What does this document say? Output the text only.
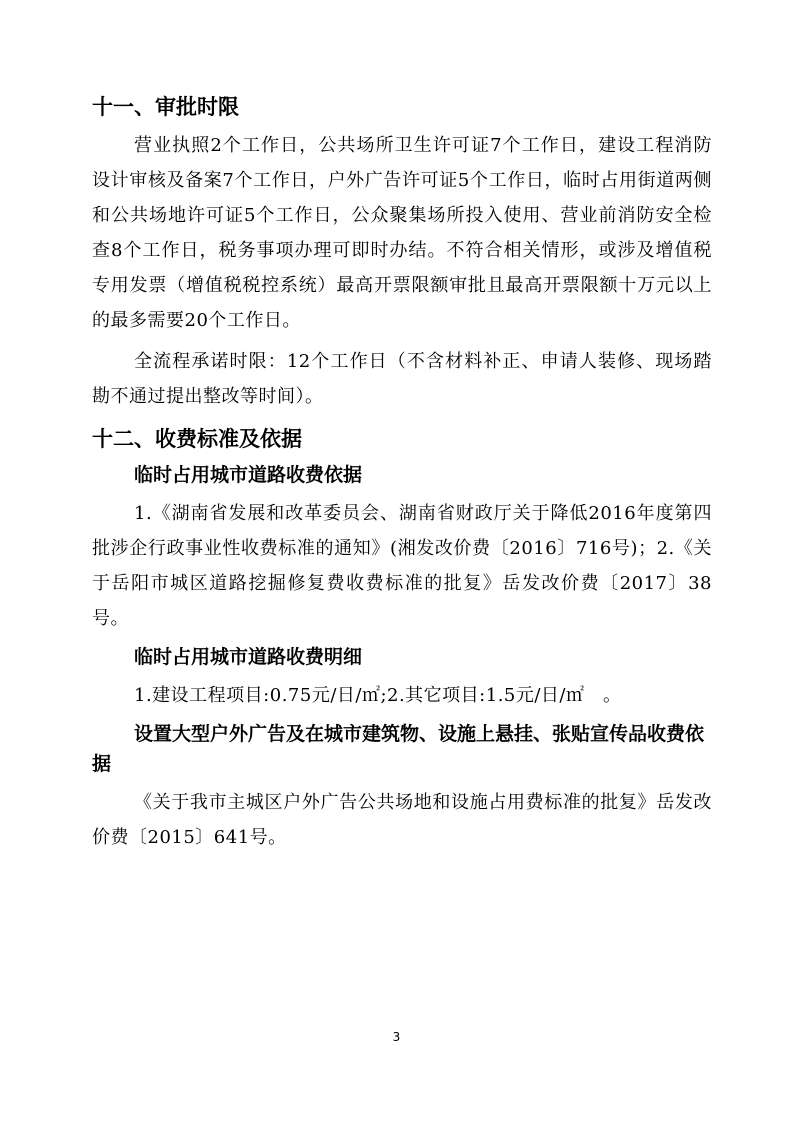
十一、审批时限

营业执照2个工作日，公共场所卫生许可证7个工作日，建设工程消防设计审核及备案7个工作日，户外广告许可证5个工作日，临时占用街道两侧和公共场地许可证5个工作日，公众聚集场所投入使用、营业前消防安全检查8个工作日，税务事项办理可即时办结。不符合相关情形，或涉及增值税专用发票（增值税税控系统）最高开票限额审批且最高开票限额十万元以上的最多需要20个工作日。

全流程承诺时限：12个工作日（不含材料补正、申请人装修、现场踏勘不通过提出整改等时间）。

十二、收费标准及依据
临时占用城市道路收费依据

1.《湖南省发展和改革委员会、湖南省财政厅关于降低2016年度第四批涉企行政事业性收费标准的通知》(湘发改价费〔2016〕716号)；2.《关于岳阳市城区道路挖掘修复费收费标准的批复》岳发改价费〔2017〕38号。

临时占用城市道路收费明细

1.建设工程项目:0.75元/日/㎡;2.其它项目:1.5元/日/㎡　。

设置大型户外广告及在城市建筑物、设施上悬挂、张贴宣传品收费依据

《关于我市主城区户外广告公共场地和设施占用费标准的批复》岳发改价费〔2015〕641号。

3
